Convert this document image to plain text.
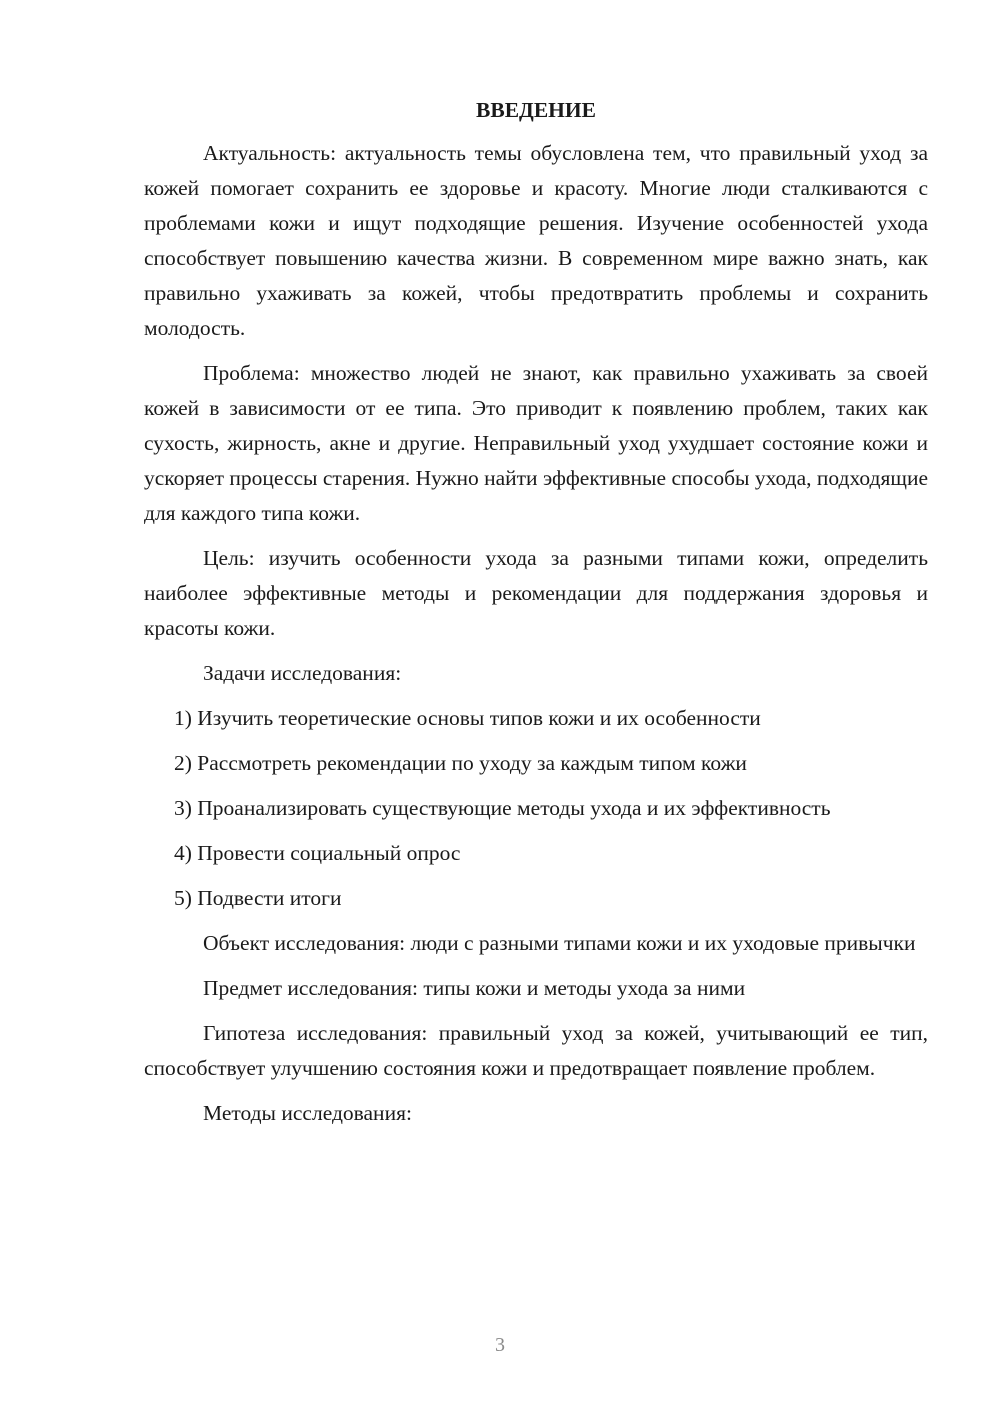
ВВЕДЕНИЕ

Актуальность: актуальность темы обусловлена тем, что правильный уход за кожей помогает сохранить ее здоровье и красоту. Многие люди сталкиваются с проблемами кожи и ищут подходящие решения. Изучение особенностей ухода способствует повышению качества жизни. В современном мире важно знать, как правильно ухаживать за кожей, чтобы предотвратить проблемы и сохранить молодость.

Проблема: множество людей не знают, как правильно ухаживать за своей кожей в зависимости от ее типа. Это приводит к появлению проблем, таких как сухость, жирность, акне и другие. Неправильный уход ухудшает состояние кожи и ускоряет процессы старения. Нужно найти эффективные способы ухода, подходящие для каждого типа кожи.

Цель: изучить особенности ухода за разными типами кожи, определить наиболее эффективные методы и рекомендации для поддержания здоровья и красоты кожи.

Задачи исследования:

1) Изучить теоретические основы типов кожи и их особенности

2) Рассмотреть рекомендации по уходу за каждым типом кожи

3) Проанализировать существующие методы ухода и их эффективность

4) Провести социальный опрос

5) Подвести итоги

Объект исследования: люди с разными типами кожи и их уходовые привычки

Предмет исследования: типы кожи и методы ухода за ними

Гипотеза исследования: правильный уход за кожей, учитывающий ее тип, способствует улучшению состояния кожи и предотвращает появление проблем.

Методы исследования:

3
